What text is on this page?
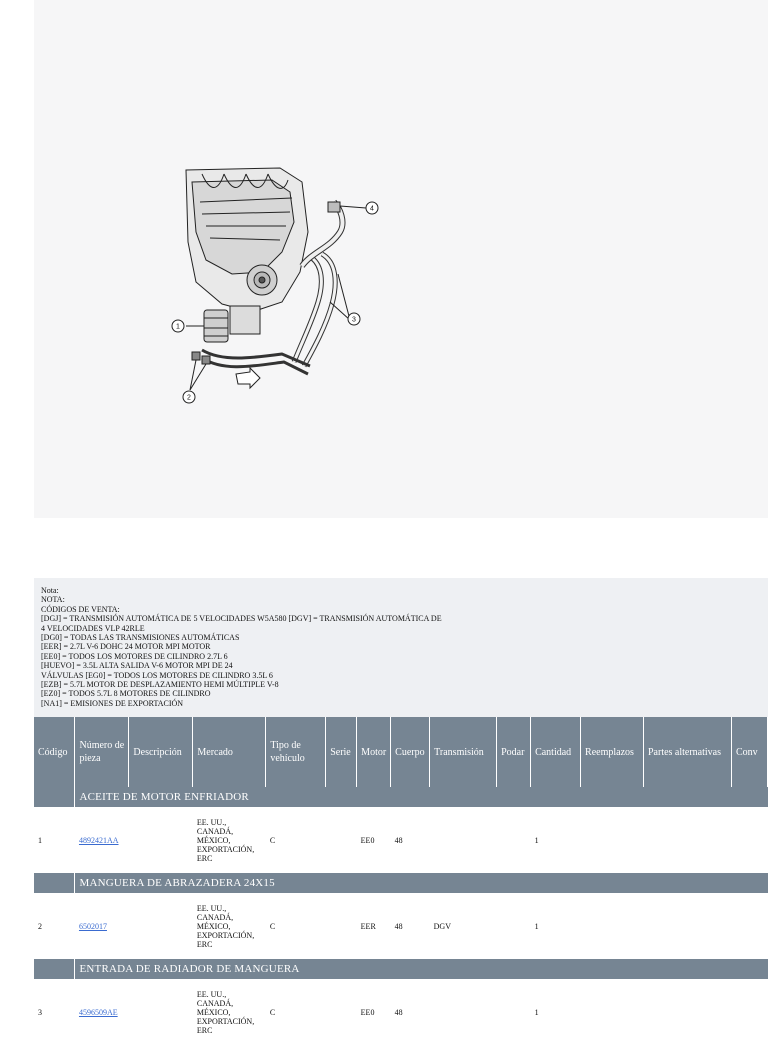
1
2
3
4

Nota:
NOTA:
CÓDIGOS DE VENTA:
[DGJ] = TRANSMISIÓN AUTOMÁTICA DE 5 VELOCIDADES W5A580 [DGV] = TRANSMISIÓN AUTOMÁTICA DE
4 VELOCIDADES VLP 42RLE
[DG0] = TODAS LAS TRANSMISIONES AUTOMÁTICAS
[EER] = 2.7L V-6 DOHC 24 MOTOR MPI MOTOR
[EE0] = TODOS LOS MOTORES DE CILINDRO 2.7L 6
[HUEVO] = 3.5L ALTA SALIDA V-6 MOTOR MPI DE 24
VÁLVULAS [EG0] = TODOS LOS MOTORES DE CILINDRO 3.5L 6
[EZB] = 5.7L MOTOR DE DESPLAZAMIENTO HEMI MÚLTIPLE V-8
[EZ0] = TODOS 5.7L 8 MOTORES DE CILINDRO
[NA1] = EMISIONES DE EXPORTACIÓN

Código	Número de pieza	Descripción	Mercado	Tipo de vehículo	Serie	Motor	Cuerpo	Transmisión	Podar	Cantidad	Reemplazos	Partes alternativas	Conv
	ACEITE DE MOTOR ENFRIADOR												
1	4892421AA		EE. UU.,
CANADÁ,
MÉXICO,
EXPORTACIÓN,
ERC	C		EE0	48			1			
	MANGUERA DE ABRAZADERA 24X15												
2	6502017		EE. UU.,
CANADÁ,
MÉXICO,
EXPORTACIÓN,
ERC	C		EER	48	DGV		1			
	ENTRADA DE RADIADOR DE MANGUERA												
3	4596509AE		EE. UU.,
CANADÁ,
MÉXICO,
EXPORTACIÓN,
ERC	C		EE0	48			1			
